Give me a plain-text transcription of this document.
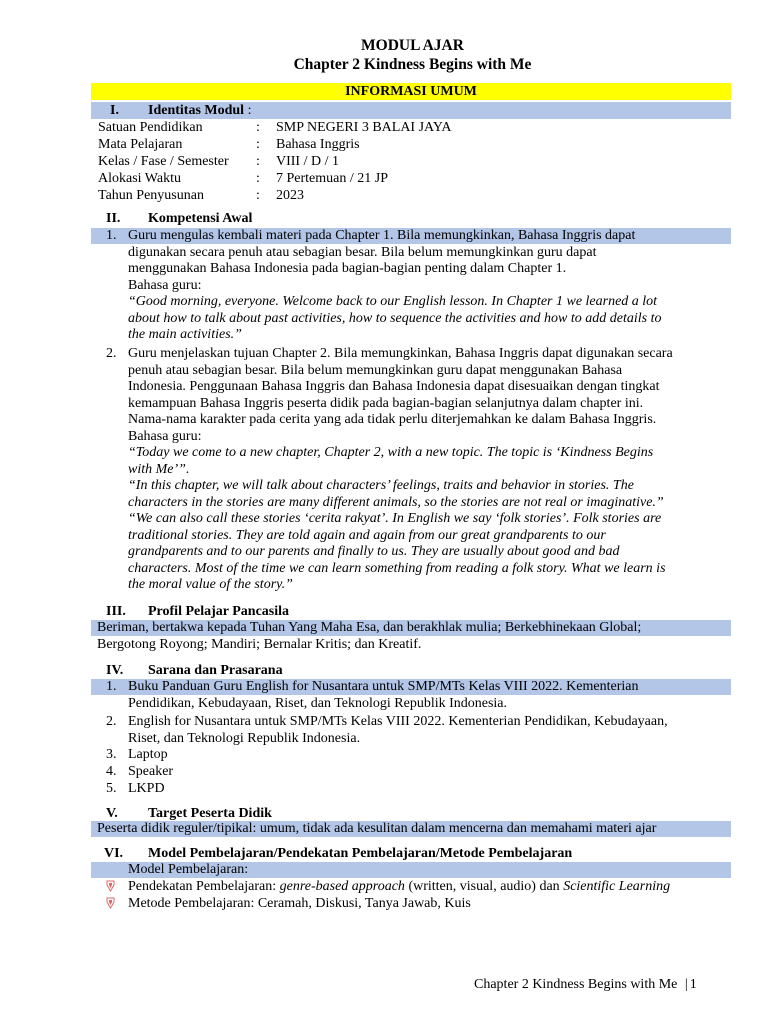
MODUL AJAR
Chapter 2 Kindness Begins with Me
INFORMASI UMUM
I. Identitas Modul :
Satuan Pendidikan	: SMP NEGERI 3 BALAI JAYA
Mata Pelajaran	: Bahasa Inggris
Kelas / Fase / Semester : VIII / D / 1
Alokasi Waktu	: 7 Pertemuan / 21 JP
Tahun Penyusunan	: 2023
II. Kompetensi Awal
1. Guru mengulas kembali materi pada Chapter 1. Bila memungkinkan, Bahasa Inggris dapat
digunakan secara penuh atau sebagian besar. Bila belum memungkinkan guru dapat
menggunakan Bahasa Indonesia pada bagian-bagian penting dalam Chapter 1.
Bahasa guru:
“Good morning, everyone. Welcome back to our English lesson. In Chapter 1 we learned a lot
about how to talk about past activities, how to sequence the activities and how to add details to
the main activities.”
2. Guru menjelaskan tujuan Chapter 2. Bila memungkinkan, Bahasa Inggris dapat digunakan secara
penuh atau sebagian besar. Bila belum memungkinkan guru dapat menggunakan Bahasa
Indonesia. Penggunaan Bahasa Inggris dan Bahasa Indonesia dapat disesuaikan dengan tingkat
kemampuan Bahasa Inggris peserta didik pada bagian-bagian selanjutnya dalam chapter ini.
Nama-nama karakter pada cerita yang ada tidak perlu diterjemahkan ke dalam Bahasa Inggris.
Bahasa guru:
“Today we come to a new chapter, Chapter 2, with a new topic. The topic is ‘Kindness Begins
with Me’”.
“In this chapter, we will talk about characters’ feelings, traits and behavior in stories. The
characters in the stories are many different animals, so the stories are not real or imaginative.”
“We can also call these stories ‘cerita rakyat’. In English we say ‘folk stories’. Folk stories are
traditional stories. They are told again and again from our great grandparents to our
grandparents and to our parents and finally to us. They are usually about good and bad
characters. Most of the time we can learn something from reading a folk story. What we learn is
the moral value of the story.”
III. Profil Pelajar Pancasila
Beriman, bertakwa kepada Tuhan Yang Maha Esa, dan berakhlak mulia; Berkebhinekaan Global;
Bergotong Royong; Mandiri; Bernalar Kritis; dan Kreatif.
IV. Sarana dan Prasarana
1. Buku Panduan Guru English for Nusantara untuk SMP/MTs Kelas VIII 2022. Kementerian
Pendidikan, Kebudayaan, Riset, dan Teknologi Republik Indonesia.
2. English for Nusantara untuk SMP/MTs Kelas VIII 2022. Kementerian Pendidikan, Kebudayaan,
Riset, dan Teknologi Republik Indonesia.
3. Laptop
4. Speaker
5. LKPD
V. Target Peserta Didik
Peserta didik reguler/tipikal: umum, tidak ada kesulitan dalam mencerna dan memahami materi ajar
VI. Model Pembelajaran/Pendekatan Pembelajaran/Metode Pembelajaran
Model Pembelajaran:
Pendekatan Pembelajaran: genre-based approach (written, visual, audio) dan Scientific Learning
Metode Pembelajaran: Ceramah, Diskusi, Tanya Jawab, Kuis
Chapter 2 Kindness Begins with Me | 1
